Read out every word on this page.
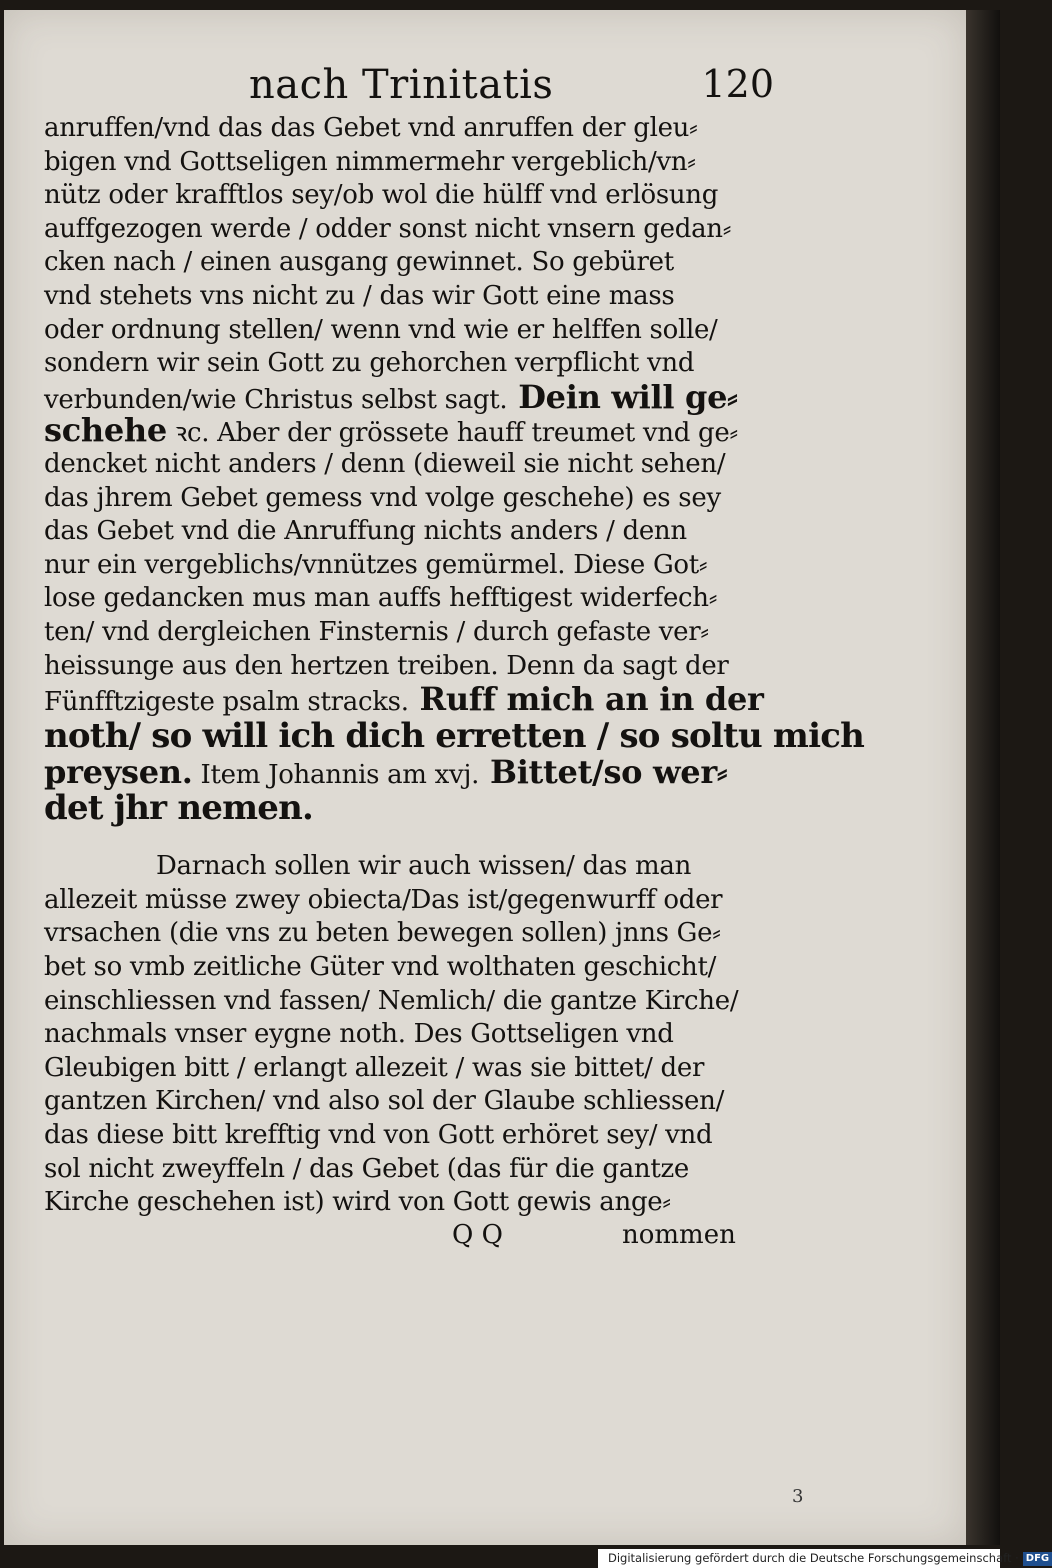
nach Trinitatis	120
anruffen/vnd das das Gebet vnd anruffen der gleu⸗
bigen vnd Gottseligen nimmermehr vergeblich/vn⸗
nütz oder krafftlos sey/ob wol die hülff vnd erlösung
auffgezogen werde / odder sonst nicht vnsern gedan⸗
cken nach / einen ausgang gewinnet. So gebüret
vnd stehets vns nicht zu / das wir Gott eine mass
oder ordnung stellen/ wenn vnd wie er helffen solle/
sondern wir sein Gott zu gehorchen verpflicht vnd
verbunden/wie Christus selbst sagt. Dein will ge⸗
schehe ꝛc. Aber der grössete hauff treumet vnd ge⸗
dencket nicht anders / denn (dieweil sie nicht sehen/
das jhrem Gebet gemess vnd volge geschehe) es sey
das Gebet vnd die Anruffung nichts anders / denn
nur ein vergeblichs/vnnützes gemürmel. Diese Got⸗
lose gedancken mus man auffs hefftigest widerfech⸗
ten/ vnd dergleichen Finsternis / durch gefaste ver⸗
heissunge aus den hertzen treiben. Denn da sagt der
Fünfftzigeste psalm stracks. Ruff mich an in der
noth/ so will ich dich erretten / so soltu mich
preysen. Item Johannis am xvj. Bittet/so wer⸗
det jhr nemen.
Darnach sollen wir auch wissen/ das man
allezeit müsse zwey obiecta/Das ist/gegenwurff oder
vrsachen (die vns zu beten bewegen sollen) jnns Ge⸗
bet so vmb zeitliche Güter vnd wolthaten geschicht/
einschliessen vnd fassen/ Nemlich/ die gantze Kirche/
nachmals vnser eygne noth. Des Gottseligen vnd
Gleubigen bitt / erlangt allezeit / was sie bittet/ der
gantzen Kirchen/ vnd also sol der Glaube schliessen/
das diese bitt krefftig vnd von Gott erhöret sey/ vnd
sol nicht zweyffeln / das Gebet (das für die gantze
Kirche geschehen ist) wird von Gott gewis ange⸗
Q Q	nommen
3
Digitalisierung gefördert durch die Deutsche Forschungsgemeinschaft · DFG
